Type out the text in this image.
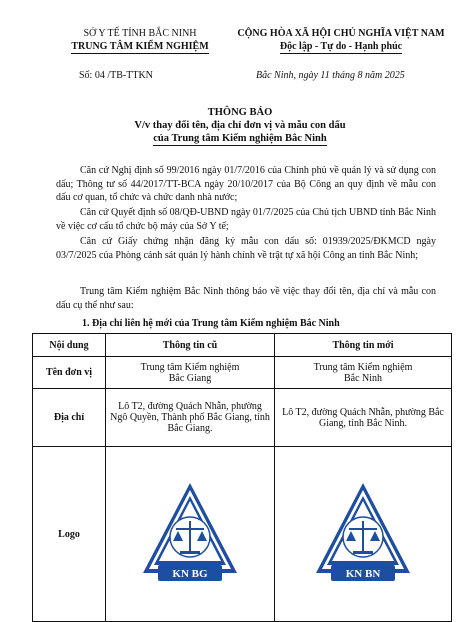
SỞ Y TẾ TỈNH BẮC NINH
TRUNG TÂM KIỂM NGHIỆM
CỘNG HÒA XÃ HỘI CHỦ NGHĨA VIỆT NAM
Độc lập - Tự do - Hạnh phúc
Số: 04 /TB-TTKN	Bắc Ninh, ngày 11 tháng 8 năm 2025
THÔNG BÁO
V/v thay đổi tên, địa chỉ đơn vị và mẫu con dấu
của Trung tâm Kiểm nghiệm Bắc Ninh

Căn cứ Nghị định số 99/2016 ngày 01/7/2016 của Chính phủ về quản lý và sử dụng con dấu; Thông tư số 44/2017/TT-BCA ngày 20/10/2017 của Bộ Công an quy định về mẫu con dấu cơ quan, tổ chức và chức danh nhà nước;

Căn cứ Quyết định số 08/QĐ-UBND ngày 01/7/2025 của Chủ tịch UBND tỉnh Bắc Ninh về việc cơ cấu tổ chức bộ máy của Sở Y tế;

Căn cứ Giấy chứng nhận đăng ký mẫu con dấu số: 01939/2025/ĐKMCD ngày 03/7/2025 của Phòng cảnh sát quản lý hành chính về trật tự xã hội Công an tỉnh Bắc Ninh;

Trung tâm Kiểm nghiệm Bắc Ninh thông báo về việc thay đổi tên, địa chỉ và mẫu con dấu cụ thể như sau:

1. Địa chỉ liên hệ mới của Trung tâm Kiểm nghiệm Bắc Ninh
Nội dung	Thông tin cũ	Thông tin mới
Tên đơn vị	Trung tâm Kiểm nghiệm Bắc Giang	Trung tâm Kiểm nghiệm Bắc Ninh

Địa chỉ	Lô T2, đường Quách Nhẫn, phường Ngô Quyền, Thành phố Bắc Giang, tỉnh Bắc Giang.	Lô T2, đường Quách Nhẫn, phường Bắc Giang, tỉnh Bắc Ninh.
Logo	KN BG	KN BN
